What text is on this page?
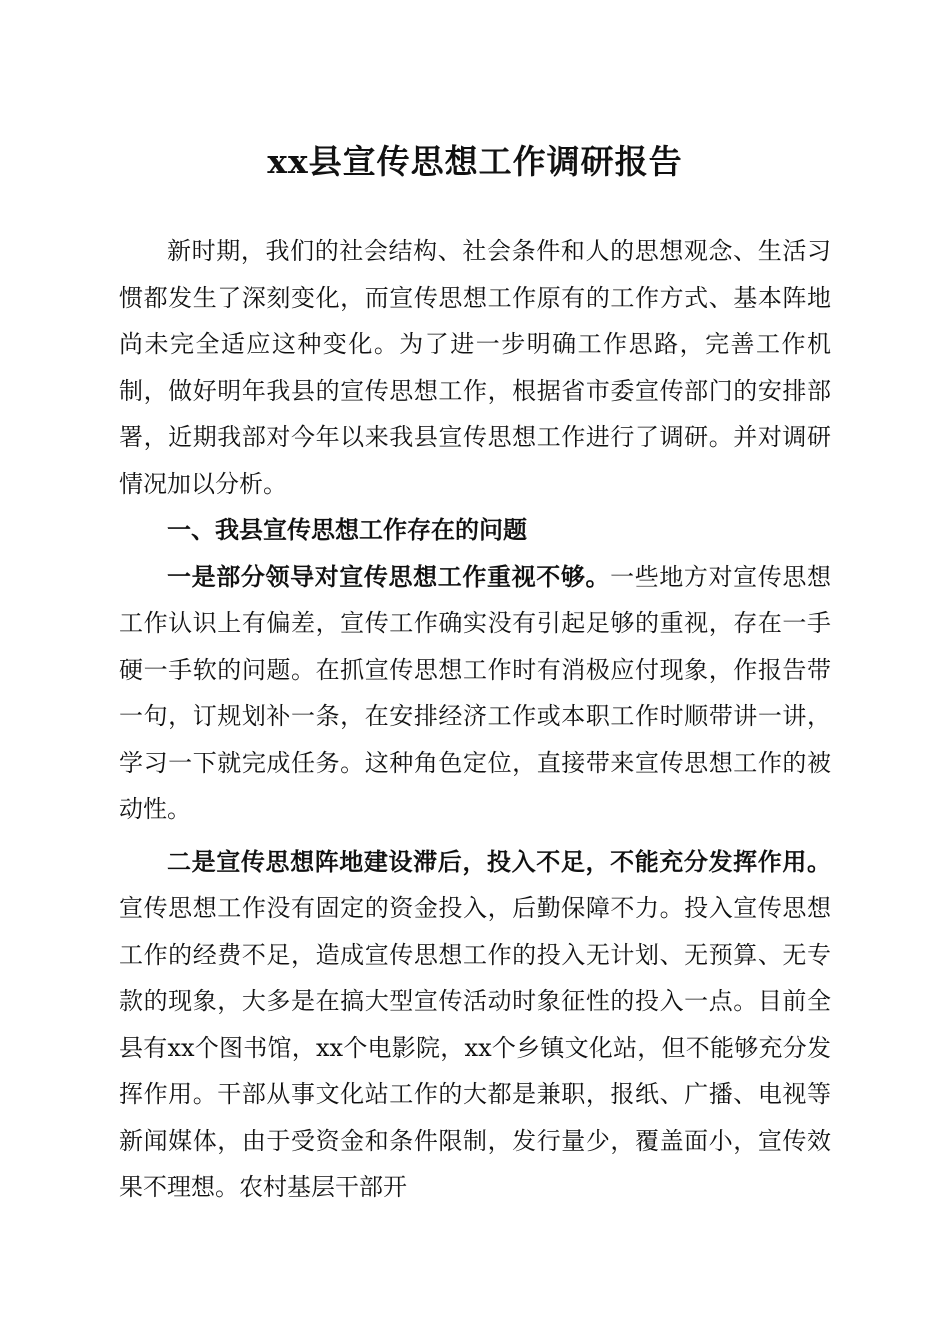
xx县宣传思想工作调研报告

新时期，我们的社会结构、社会条件和人的思想观念、生活习惯都发生了深刻变化，而宣传思想工作原有的工作方式、基本阵地尚未完全适应这种变化。为了进一步明确工作思路，完善工作机制，做好明年我县的宣传思想工作，根据省市委宣传部门的安排部署，近期我部对今年以来我县宣传思想工作进行了调研。并对调研情况加以分析。

一、我县宣传思想工作存在的问题

一是部分领导对宣传思想工作重视不够。一些地方对宣传思想工作认识上有偏差，宣传工作确实没有引起足够的重视，存在一手硬一手软的问题。在抓宣传思想工作时有消极应付现象，作报告带一句，订规划补一条，在安排经济工作或本职工作时顺带讲一讲，学习一下就完成任务。这种角色定位，直接带来宣传思想工作的被动性。

二是宣传思想阵地建设滞后，投入不足，不能充分发挥作用。宣传思想工作没有固定的资金投入，后勤保障不力。投入宣传思想工作的经费不足，造成宣传思想工作的投入无计划、无预算、无专款的现象，大多是在搞大型宣传活动时象征性的投入一点。目前全县有xx个图书馆，xx个电影院，xx个乡镇文化站，但不能够充分发挥作用。干部从事文化站工作的大都是兼职，报纸、广播、电视等新闻媒体，由于受资金和条件限制，发行量少，覆盖面小，宣传效果不理想。农村基层干部开
